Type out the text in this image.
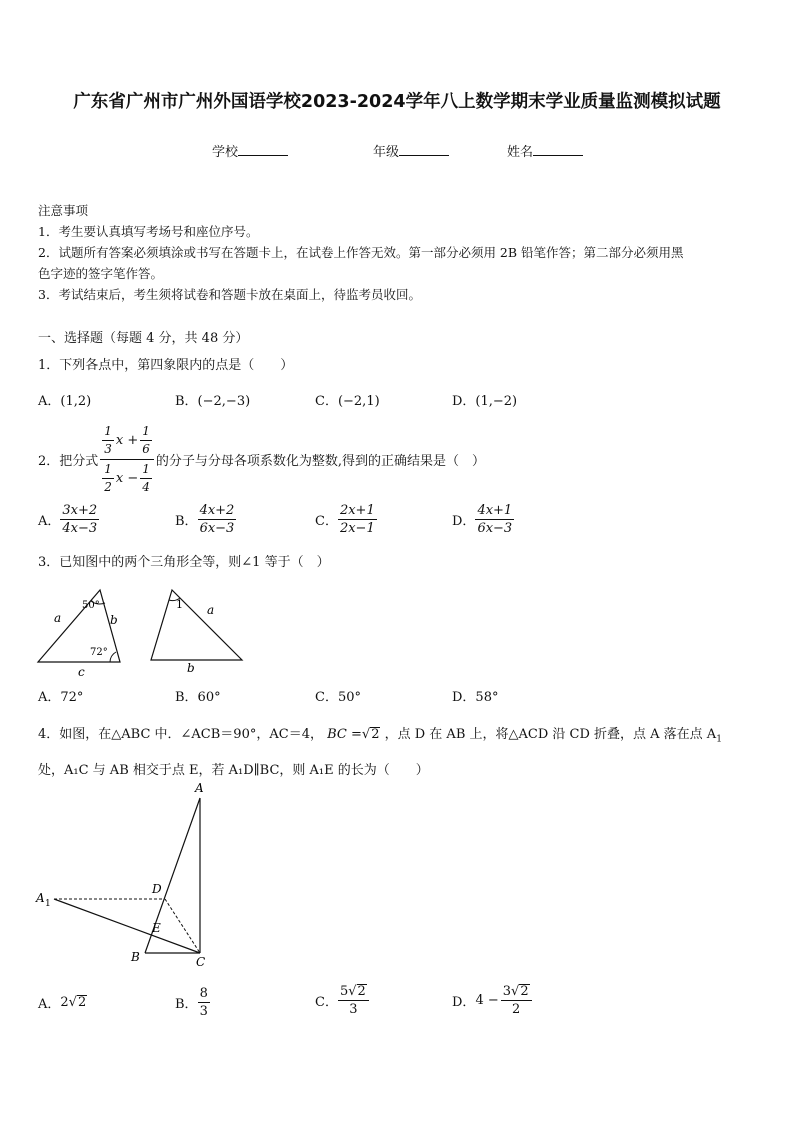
广东省广州市广州外国语学校2023-2024学年八上数学期末学业质量监测模拟试题
学校	年级	姓名
注意事项
1．考生要认真填写考场号和座位序号。
2．试题所有答案必须填涂或书写在答题卡上，在试卷上作答无效。第一部分必须用 2B 铅笔作答；第二部分必须用黑
色字迹的签字笔作答。
3．考试结束后，考生须将试卷和答题卡放在桌面上，待监考员收回。
一、选择题（每题 4 分，共 48 分）
1．下列各点中，第四象限内的点是（　　）
A．(1,2)	B．(−2,−3)	C．(−2,1)	D．(1,−2)
2．把分式 $\frac{\frac{1}{3} x + \frac{1}{6}}{\frac{1}{2} x - \frac{1}{4}}$ 的分子与分母各项系数化为整数,得到的正确结果是（　）
A． $\frac{3x+2}{4x-3}$	B． $\frac{4x+2}{6x-3}$	C． $\frac{2x+1}{2x-1}$	D． $\frac{4x+1}{6x-3}$
3．已知图中的两个三角形全等，则∠1 等于（　）
a	b
c
50°
72°
1 a
b
A．72°	B．60°	C．50°	D．58°
4．如图，在△ABC 中．∠ACB＝90°，AC＝4， BC =√2 ，点 D 在 AB 上，将△ACD 沿 CD 折叠，点 A 落在点 $A_1$
处，A₁C 与 AB 相交于点 E，若 A₁D∥BC，则 A₁E 的长为（　　）
A
A 1
D
E
B	C
A． 2 √ 2	B． $\frac{8}{3}$	C． $\frac{5√2}{3}$	D． $4 - \frac{3√2}{2}$
